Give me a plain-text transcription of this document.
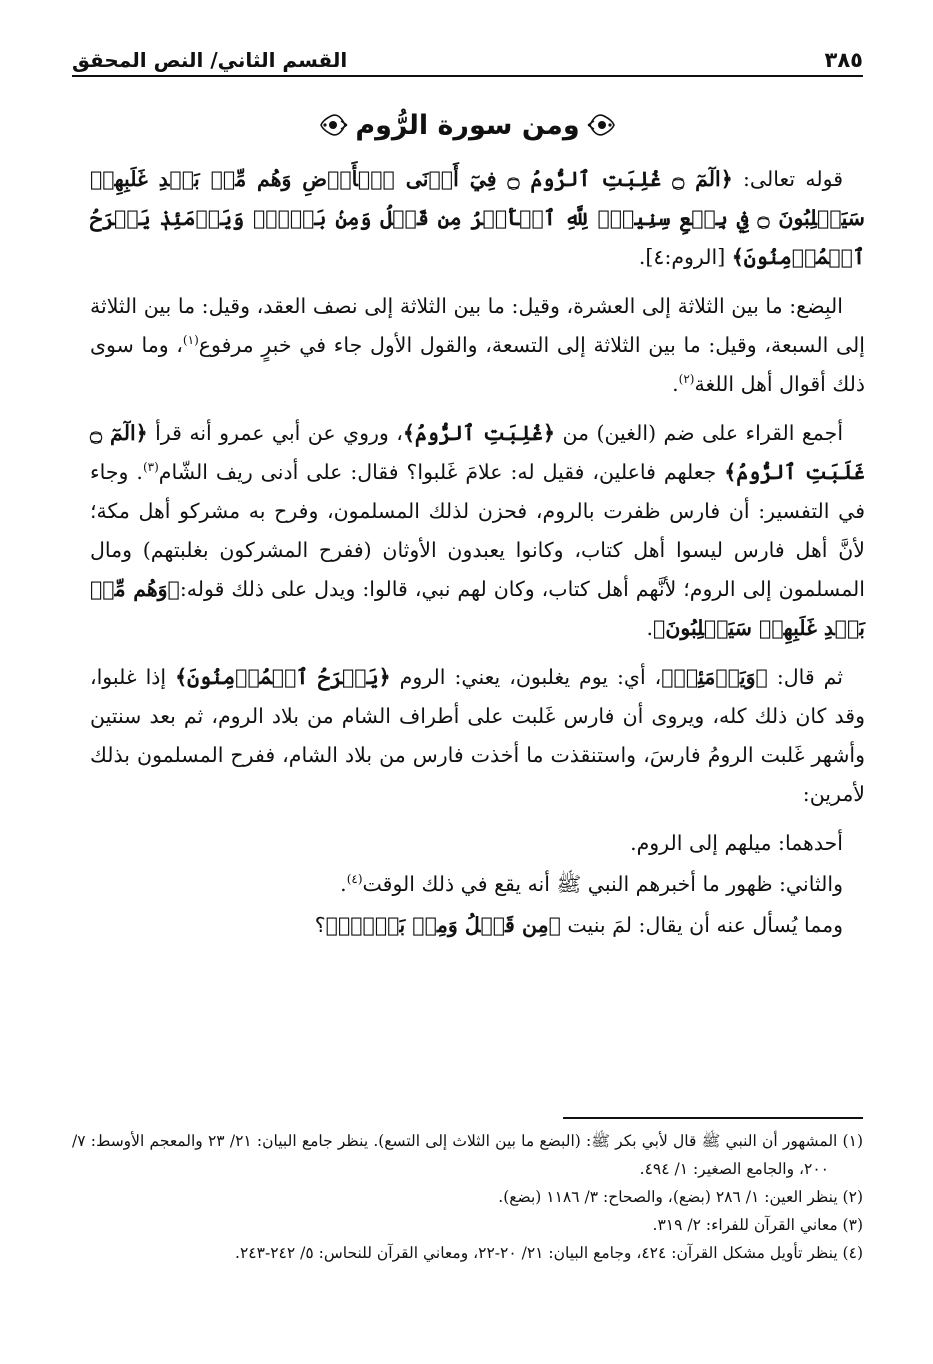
القسم الثاني/ النص المحقق	٣٨٥
ومن سورة الرُّوم

قوله تعالى: ﴿الٓمٓ ۝ غُلِبَتِ ٱلرُّومُ ۝ فِيٓ أَدۡنَى ٱلۡأَرۡضِ وَهُم مِّنۢ بَعۡدِ غَلَبِهِمۡ سَيَغۡلِبُونَ ۝ فِي بِضۡعِ سِنِينَۗ لِلَّهِ ٱلۡأَمۡرُ مِن قَبۡلُ وَمِنۢ بَعۡدُۚ وَيَوۡمَئِذٖ يَفۡرَحُ ٱلۡمُؤۡمِنُونَ﴾ [الروم:٤].

البِضع: ما بين الثلاثة إلى العشرة، وقيل: ما بين الثلاثة إلى نصف العقد، وقيل: ما بين الثلاثة إلى السبعة، وقيل: ما بين الثلاثة إلى التسعة، والقول الأول جاء في خبرٍ مرفوع$^{(١)}$، وما سوى ذلك أقوال أهل اللغة$^{(٢)}$.

أجمع القراء على ضم (الغين) من ﴿غُلِبَتِ ٱلرُّومُ﴾، وروي عن أبي عمرو أنه قرأ ﴿الٓمٓ ۝ غَلَبَتِ ٱلرُّومُ﴾ جعلهم فاعلين، فقيل له: علامَ غَلبوا؟ فقال: على أدنى ريف الشّام$^{(٣)}$. وجاء في التفسير: أن فارس ظفرت بالروم، فحزن لذلك المسلمون، وفرح به مشركو أهل مكة؛ لأنَّ أهل فارس ليسوا أهل كتاب، وكانوا يعبدون الأوثان (ففرح المشركون بغلبتهم) ومال المسلمون إلى الروم؛ لأنَّهم أهل كتاب، وكان لهم نبي، قالوا: ويدل على ذلك قوله:﴿وَهُم مِّنۢ بَعۡدِ غَلَبِهِمۡ سَيَغۡلِبُونَ﴾.

ثم قال: ﴿وَيَوۡمَئِذٖ﴾، أي: يوم يغلبون، يعني: الروم ﴿يَفۡرَحُ ٱلۡمُؤۡمِنُونَ﴾ إذا غلبوا، وقد كان ذلك كله، ويروى أن فارس غَلبت على أطراف الشام من بلاد الروم، ثم بعد سنتين وأشهر غَلبت الرومُ فارسَ، واستنقذت ما أخذت فارس من بلاد الشام، ففرح المسلمون بذلك لأمرين:

أحدهما: ميلهم إلى الروم.

والثاني: ظهور ما أخبرهم النبي ﷺ أنه يقع في ذلك الوقت$^{(٤)}$.

ومما يُسأل عنه أن يقال: لمَ بنيت ﴿مِن قَبۡلُ وَمِنۢ بَعۡدُۚ﴾؟

(١) المشهور أن النبي ﷺ قال لأبي بكر ﷺ: (البضع ما بين الثلاث إلى التسع). ينظر جامع البيان: ٢١/ ٢٣ والمعجم الأوسط: ٧/ ٢٠٠، والجامع الصغير: ١/ ٤٩٤.

(٢) ينظر العين: ١/ ٢٨٦ (بضع)، والصحاح: ٣/ ١١٨٦ (بضع).

(٣) معاني القرآن للفراء: ٢/ ٣١٩.

(٤) ينظر تأويل مشكل القرآن: ٤٢٤، وجامع البيان: ٢١/ ٢٠-٢٢، ومعاني القرآن للنحاس: ٥/ ٢٤٢-٢٤٣.
